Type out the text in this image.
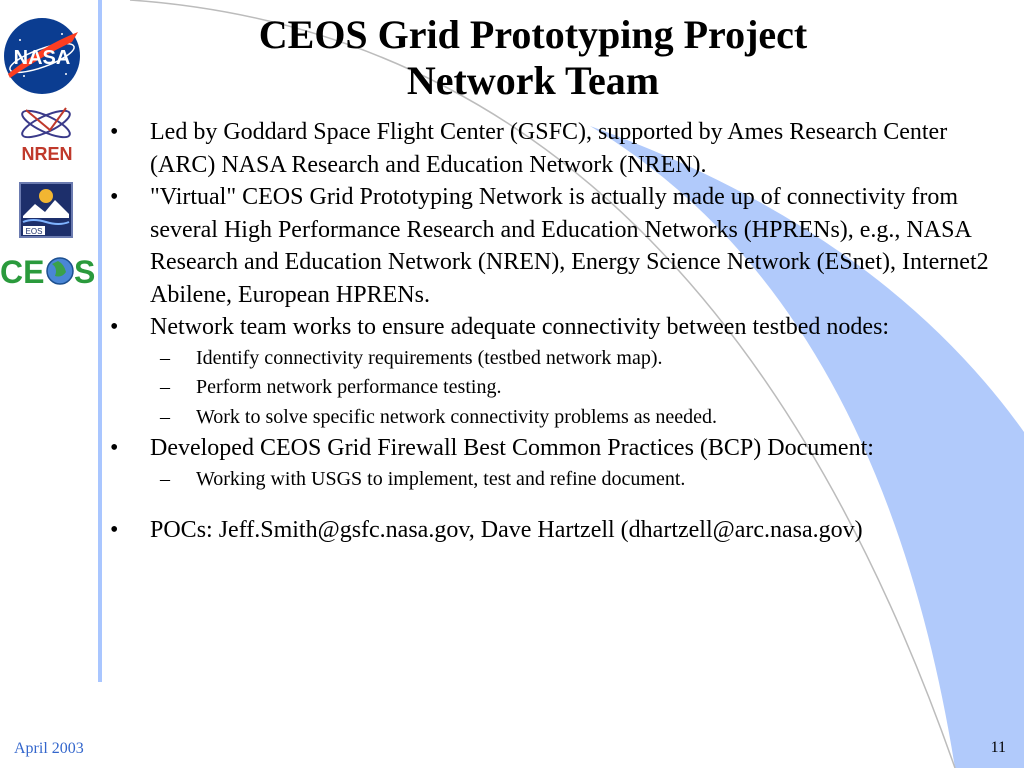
NASA
NREN
EOS
CE S
CEOS Grid Prototyping Project
Network Team
•	Led by Goddard Space Flight Center (GSFC), supported by Ames Research Center (ARC) NASA Research and Education Network (NREN).
•	"Virtual" CEOS Grid Prototyping Network is actually made up of connectivity from several High Performance Research and Education Networks (HPRENs), e.g., NASA Research and Education Network (NREN), Energy Science Network (ESnet), Internet2 Abilene, European HPRENs.
•	Network team works to ensure adequate connectivity between testbed nodes:
– Identify connectivity requirements (testbed network map).
– Perform network performance testing.
– Work to solve specific network connectivity problems as needed.
•	Developed CEOS Grid Firewall Best Common Practices (BCP) Document:
– Working with USGS to implement, test and refine document.
•	POCs: Jeff.Smith@gsfc.nasa.gov, Dave Hartzell (dhartzell@arc.nasa.gov)
April 2003	11
